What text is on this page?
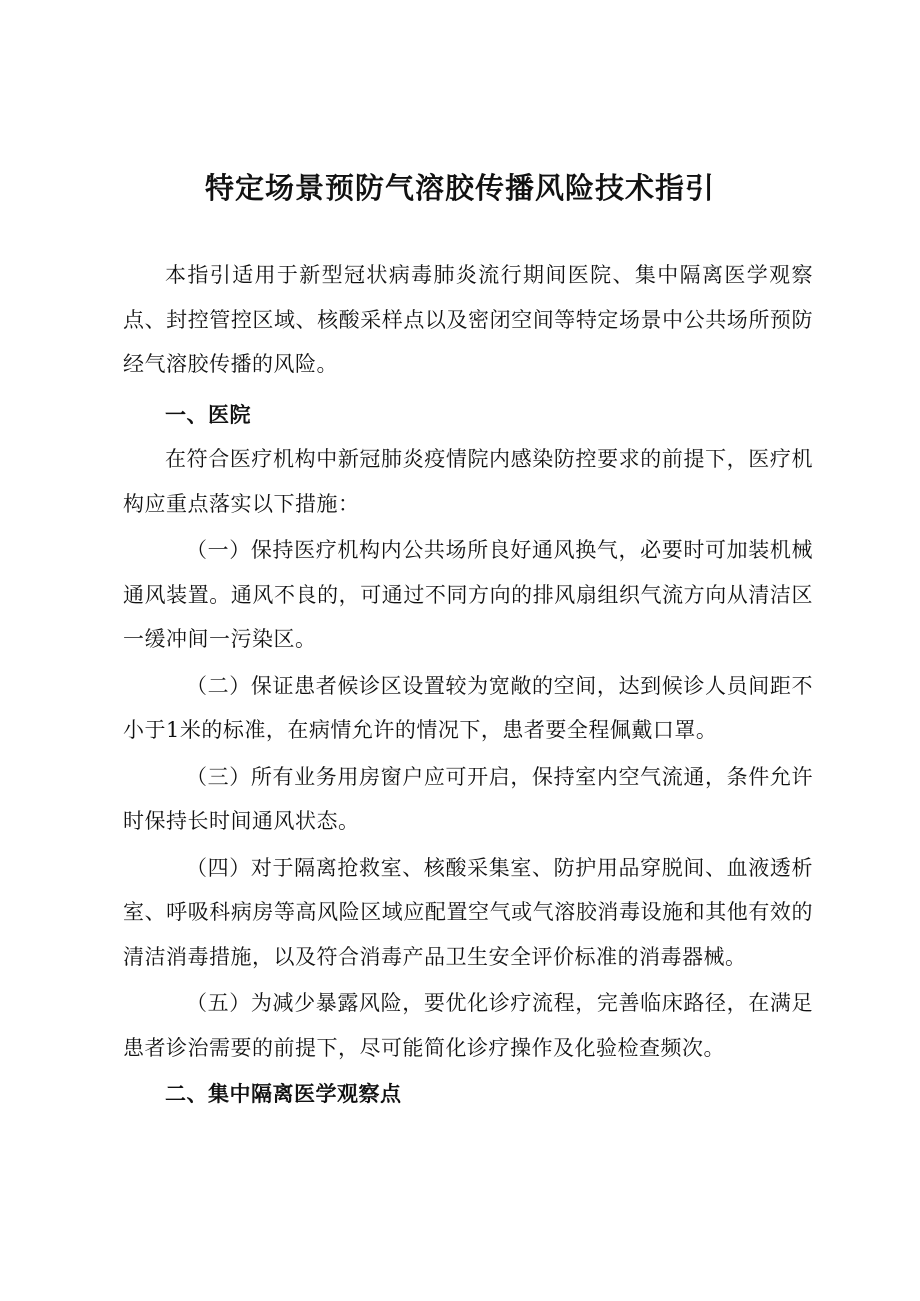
特定场景预防气溶胶传播风险技术指引

本指引适用于新型冠状病毒肺炎流行期间医院、集中隔离医学观察点、封控管控区域、核酸采样点以及密闭空间等特定场景中公共场所预防经气溶胶传播的风险。

一、医院

在符合医疗机构中新冠肺炎疫情院内感染防控要求的前提下，医疗机构应重点落实以下措施：

（一）保持医疗机构内公共场所良好通风换气，必要时可加装机械通风装置。通风不良的，可通过不同方向的排风扇组织气流方向从清洁区一缓冲间一污染区。

（二）保证患者候诊区设置较为宽敞的空间，达到候诊人员间距不小于1米的标准，在病情允许的情况下，患者要全程佩戴口罩。

（三）所有业务用房窗户应可开启，保持室内空气流通，条件允许时保持长时间通风状态。

（四）对于隔离抢救室、核酸采集室、防护用品穿脱间、血液透析室、呼吸科病房等高风险区域应配置空气或气溶胶消毒设施和其他有效的清洁消毒措施，以及符合消毒产品卫生安全评价标准的消毒器械。

（五）为减少暴露风险，要优化诊疗流程，完善临床路径，在满足患者诊治需要的前提下，尽可能简化诊疗操作及化验检查频次。

二、集中隔离医学观察点
